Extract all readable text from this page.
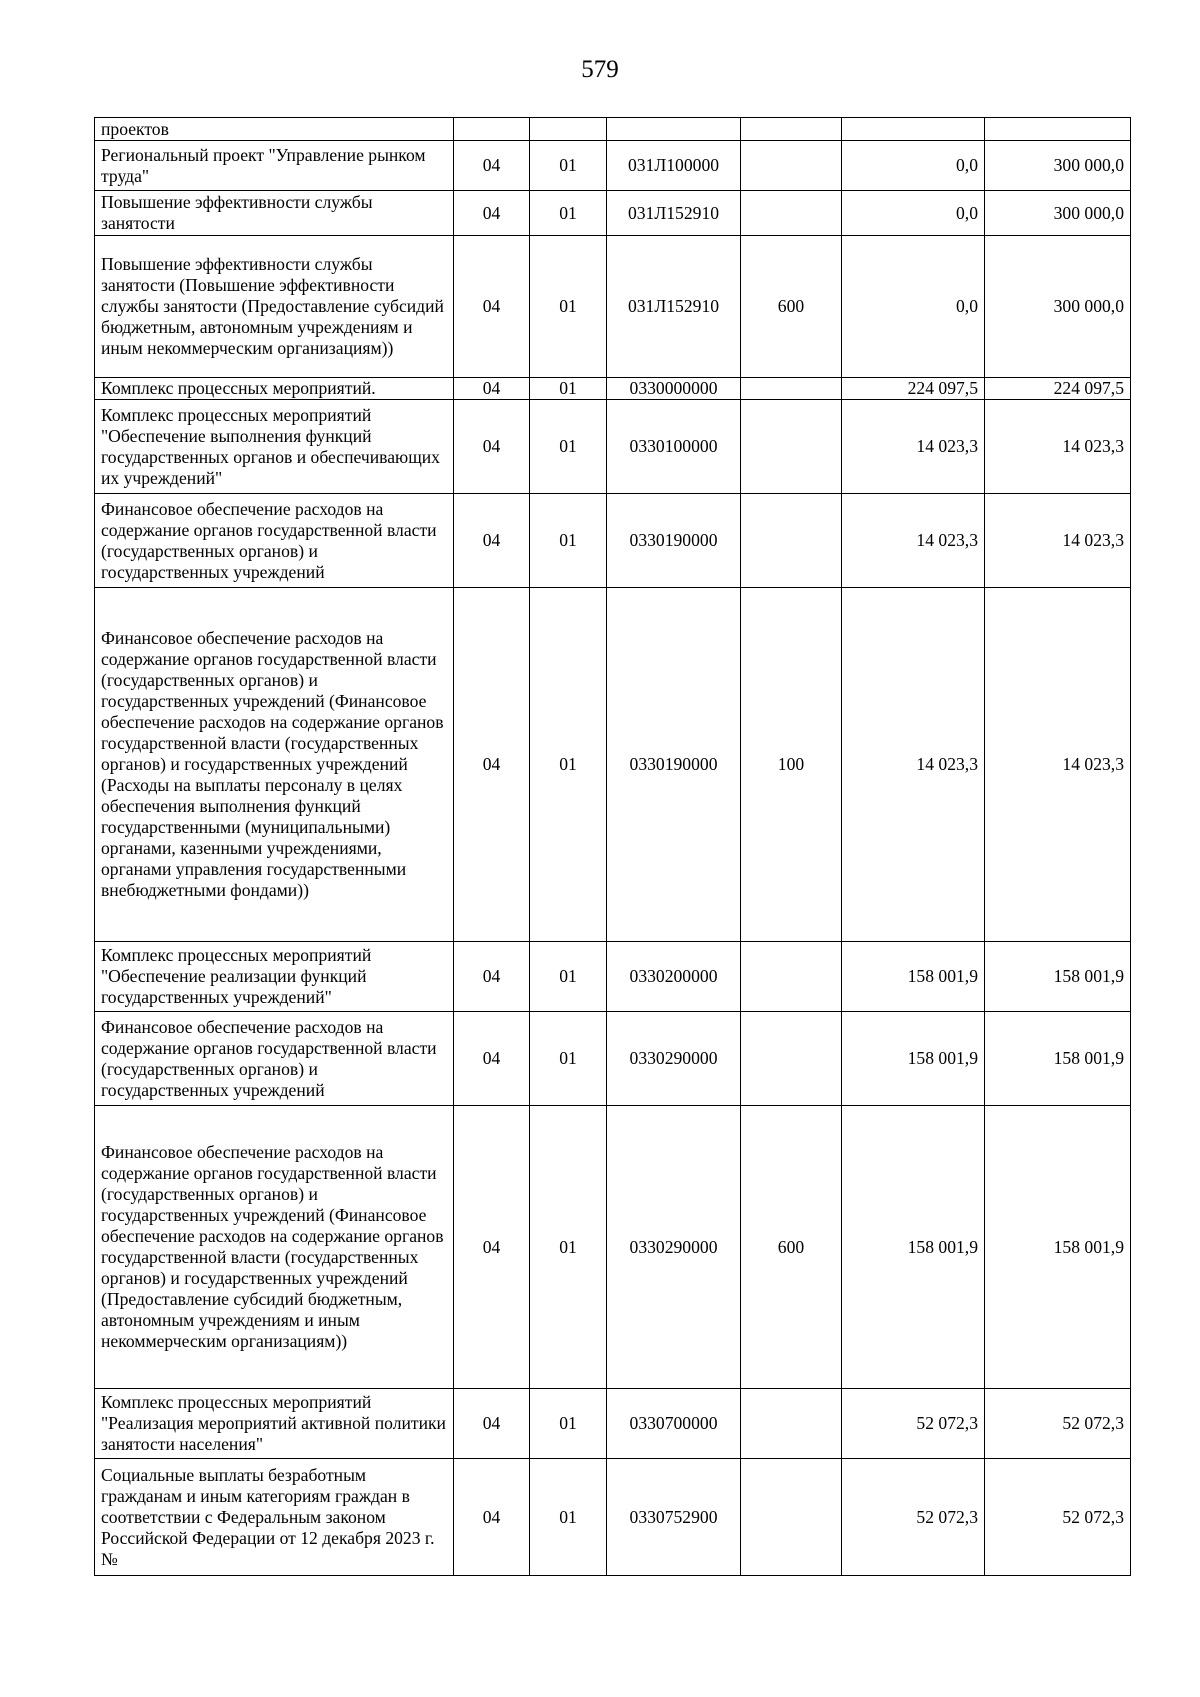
579
проектов						
Региональный проект "Управление рынком труда"	04	01	031Л100000		0,0	300 000,0
Повышение эффективности службы занятости	04	01	031Л152910		0,0	300 000,0
Повышение эффективности службы занятости (Повышение эффективности службы занятости (Предоставление субсидий бюджетным, автономным учреждениям и иным некоммерческим организациям))	04	01	031Л152910	600	0,0	300 000,0
Комплекс процессных мероприятий.	04	01	0330000000		224 097,5	224 097,5
Комплекс процессных мероприятий "Обеспечение выполнения функций государственных органов и обеспечивающих их учреждений"	04	01	0330100000		14 023,3	14 023,3
Финансовое обеспечение расходов на содержание органов государственной власти (государственных органов) и государственных учреждений	04	01	0330190000		14 023,3	14 023,3
Финансовое обеспечение расходов на содержание органов государственной власти (государственных органов) и государственных учреждений (Финансовое обеспечение расходов на содержание органов государственной власти (государственных органов) и государственных учреждений (Расходы на выплаты персоналу в целях обеспечения выполнения функций государственными (муниципальными) органами, казенными учреждениями, органами управления государственными внебюджетными фондами))	04	01	0330190000	100	14 023,3	14 023,3
Комплекс процессных мероприятий "Обеспечение реализации функций государственных учреждений"	04	01	0330200000		158 001,9	158 001,9
Финансовое обеспечение расходов на содержание органов государственной власти (государственных органов) и государственных учреждений	04	01	0330290000		158 001,9	158 001,9
Финансовое обеспечение расходов на содержание органов государственной власти (государственных органов) и государственных учреждений (Финансовое обеспечение расходов на содержание органов государственной власти (государственных органов) и государственных учреждений (Предоставление субсидий бюджетным, автономным учреждениям и иным некоммерческим организациям))	04	01	0330290000	600	158 001,9	158 001,9
Комплекс процессных мероприятий "Реализация мероприятий активной политики занятости населения"	04	01	0330700000		52 072,3	52 072,3
Социальные выплаты безработным гражданам и иным категориям граждан в соответствии с Федеральным законом Российской Федерации от 12 декабря 2023 г. №	04	01	0330752900		52 072,3	52 072,3
